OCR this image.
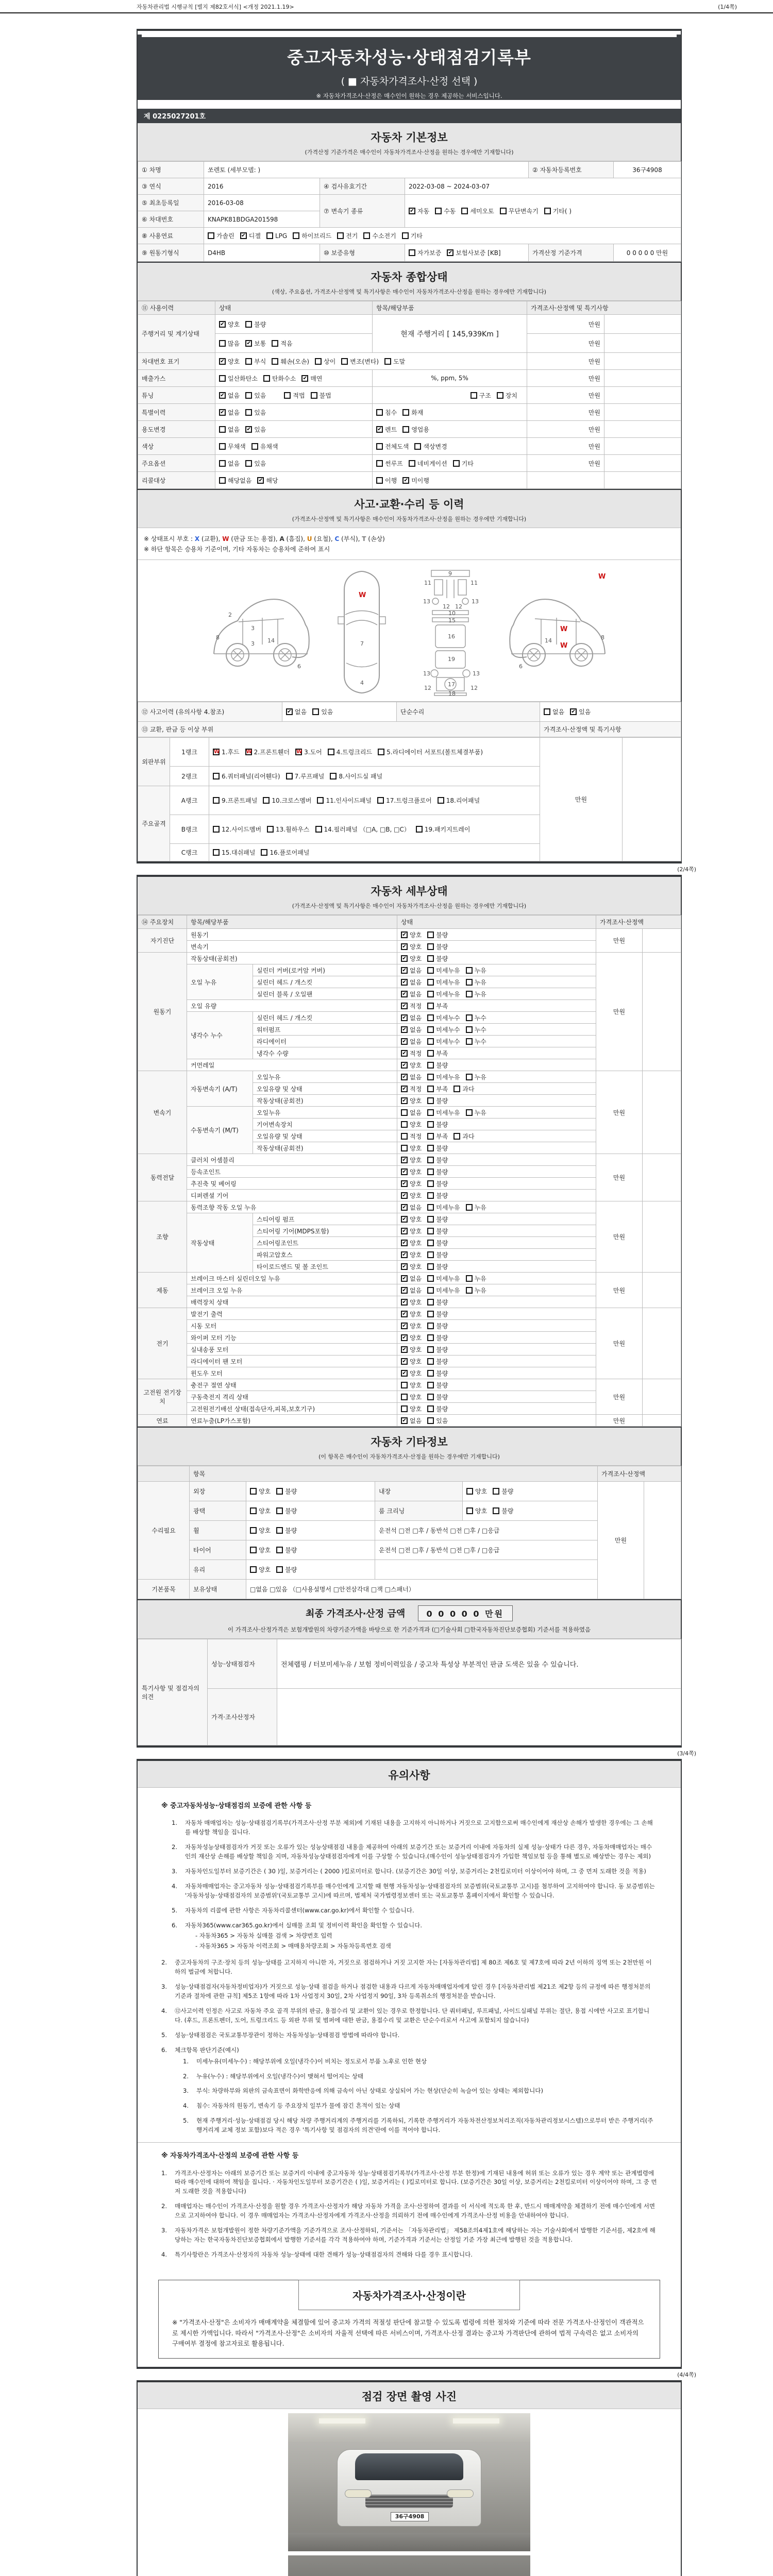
자동차관리법 시행규칙 [별지 제82호서식] <개정 2021.1.19>	(1/4쪽)
중고자동차성능·상태점검기록부
( ■ 자동차가격조사·산정 선택 )
※ 자동차가격조사·산정은 매수인이 원하는 경우 제공하는 서비스입니다.
제 0225027201호
자동차 기본정보
(가격산정 기준가격은 매수인이 자동차가격조사·산정을 원하는 경우에만 기재합니다)
① 차명	쏘렌토 (세부모델: )			② 자동차등록번호	36구4908
③ 연식	2016	④ 검사유효기간	2022-03-08 ~ 2024-03-07		
⑤ 최초등록일	2016-03-08	⑦ 변속기 종류	✔ 자동 수동 세미오토 무단변속기 기타( )

⑥ 차대번호	KNAPK81BDGA201598				
⑧ 사용연료	가솔린 ✔ 디젤 LPG 하이브리드 전기 수소전기 기타

⑨ 원동기형식	D4HB	⑩ 보증유형	자가보증 ✔ 보험사보증 [KB]	가격산정 기준가격	0 0 0 0 0 만원
자동차 종합상태
(색상, 주요옵션, 가격조사·산정액 및 특기사항은 매수인이 자동차가격조사·산정을 원하는 경우에만 기재합니다)
⑪ 사용이력	상태	항목/해당부품	가격조사·산정액 및 특기사항	
주행거리 및 계기상태	✔ 양호 불량	현재 주행거리 [ 145,939Km ]	만원	

	많음 ✔ 보통 적음		만원	
차대번호 표기	✔ 양호 부식 훼손(오손) 상이 변조(변타) 도말	만원	
배출가스	일산화탄소 탄화수소 ✔ 매연	%, ppm, 5%	만원	
튜닝	✔ 없음 있음 적법 불법	구조 장치	만원	
특별이력	✔ 없음 있음	침수 화재	만원	
용도변경	없음 ✔ 있음	✔ 렌트 영업용	만원	
색상	무채색 유채색	전체도색 색상변경	만원	
주요옵션	없음 있음	썬루프 네비게이션 기타	만원	
리콜대상	해당없음 ✔ 해당	이행 ✔ 미이행		

사고·교환·수리 등 이력
(가격조사·산정액 및 특기사항은 매수인이 자동차가격조사·산정을 원하는 경우에만 기재합니다)
※ 상태표시 부호 : X (교환), W (판금 또는 용접), A (흠집), U (요철), C (부식), T (손상)
※ 하단 항목은 승용차 기준이며, 기타 자동차는 승용차에 준하여 표시
2
8
3
14
3
6
W
7
4
9
11	11
13	13
12 12
10
15
16
19
13	13
17
12	12
18
W
W
W
8
14
6
⑫ 사고이력 (유의사항 4.참조)	✔ 없음 있음	단순수리	없음 ✔ 있음

⑬ 교환, 판금 등 이상 부위			가격조사·산정액 및 특기사항
외판부위	1랭크	W 1.후드 W 2.프론트휀더 W 3.도어 4.트렁크리드 5.라디에이터 서포트(볼트체결부품)
	만원	
	2랭크	6.쿼터패널(리어휀다) 7.루프패널 8.사이드실 패널		

주요골격	A랭크	9.프론트패널 10.크로스멤버 11.인사이드패널 17.트렁크플로어 18.리어패널		

	B랭크	12.사이드멤버 13.휠하우스 14.필러패널 （□A, □B, □C） 19.패키지트레이		

	C랭크	15.대쉬패널 16.플로어패널		
(2/4쪽)
자동차 세부상태
(가격조사·산정액 및 특기사항은 매수인이 자동차가격조사·산정을 원하는 경우에만 기재합니다)
⑭ 주요장치	항목/해당부품		상태	가격조사·산정액	
자기진단	원동기		✔ 양호 불량	만원	
	변속기		✔ 양호 불량		

원동기	작동상태(공회전)		✔ 양호 불량	만원	
	오일 누유	실린더 커버(로커암 커버)	✔ 없음 미세누유 누유		

		실린더 헤드 / 개스킷	✔ 없음 미세누유 누유		

		실린더 블록 / 오일팬	✔ 없음 미세누유 누유		

	오일 유량		✔ 적정 부족		

	냉각수 누수	실린더 헤드 / 개스킷	✔ 없음 미세누수 누수		

		워터펌프	✔ 없음 미세누수 누수		

		라디에이터	✔ 없음 미세누수 누수		

		냉각수 수량	✔ 적정 부족		

	커먼레일		✔ 양호 불량		

변속기	자동변속기 (A/T)	오일누유	✔ 없음 미세누유 누유	만원	
		오일유량 및 상태	✔ 적정 부족 과다		

		작동상태(공회전)	✔ 양호 불량		

	수동변속기 (M/T)	오일누유	없음 미세누유 누유		

		기어변속장치	양호 불량		

		오일유량 및 상태	적정 부족 과다		

		작동상태(공회전)	양호 불량		

동력전달	클러치 어셈블리		✔ 양호 불량	만원	
	등속조인트		✔ 양호 불량		

	추진축 및 베어링		✔ 양호 불량		

	디퍼렌셜 기어		✔ 양호 불량		

조향	동력조향 작동 오일 누유		✔ 없음 미세누유 누유	만원	
	작동상태	스티어링 펌프	✔ 양호 불량		

		스티어링 기어(MDPS포함)	✔ 양호 불량		

		스티어링조인트	✔ 양호 불량		

		파워고압호스	✔ 양호 불량		

		타이로드엔드 및 볼 조인트	✔ 양호 불량		

제동	브레이크 마스터 실린더오일 누유		✔ 없음 미세누유 누유	만원	
	브레이크 오일 누유		✔ 없음 미세누유 누유		

	배력장치 상태		✔ 양호 불량		

전기	발전기 출력		✔ 양호 불량	만원	
	시동 모터		✔ 양호 불량		

	와이퍼 모터 기능		✔ 양호 불량		

	실내송풍 모터		✔ 양호 불량		

	라디에이터 팬 모터		✔ 양호 불량		

	윈도우 모터		✔ 양호 불량		

고전원 전기장치	충전구 절연 상태		양호 불량	만원	
	구동축전지 격리 상태		양호 불량		

	고전원전기배선 상태(접속단자,피복,보호기구)		양호 불량		

연료	연료누출(LP가스포함)		✔ 없음 있음	만원	
자동차 기타정보
(이 항목은 매수인이 자동차가격조사·산정을 원하는 경우에만 기재합니다)
	항목				가격조사·산정액	
수리필요	외장	양호 불량	내장	양호 불량	만원	
	광택	양호 불량	룸 크리닝	양호 불량		

	휠	양호 불량	운전석 □전 □후 / 동반석 □전 □후 / □응급			
	타이어	양호 불량	운전석 □전 □후 / 동반석 □전 □후 / □응급			
	유리	양호 불량				

기본품목	보유상태	□없음 □있음 （□사용설명서 □안전삼각대 □잭 □스패너）				
최종 가격조사·산정 금액	0 0 0 0 0 만원
이 가격조사·산정가격은 보험개발원의 차량기준가액을 바탕으로 한 기준가격과 (□기술사회 □한국자동차진단보증협회) 기준서를 적용하였음
특기사항 및 점검자의 의견	성능·상태점검자	전체랩핑 / 터보미세누유 / 보험 정비이력있음 / 중고차 특성상 부분적인 판금 도색은 있을 수 있습니다.
	가격·조사산정자	
(3/4쪽)
유의사항
※ 중고자동차성능·상태점검의 보증에 관한 사항 등
1.	자동차 매매업자는 성능·상태점검기록부(가격조사·산정 부분 제외)에 기재된 내용을 고지하지 아니하거나 거짓으로 고지함으로써 매수인에게 재산상 손해가 발생한 경우에는 그 손해를 배상할 책임을 집니다.
2.	자동차성능상태점검자가 거짓 또는 오류가 있는 성능상태점검 내용을 제공하여 아래의 보증기간 또는 보증거리 이내에 자동차의 실제 성능·상태가 다른 경우, 자동차매매업자는 매수인의 재산상 손해를 배상할 책임을 지며, 자동차성능상태점검자에게 이를 구상할 수 있습니다.(매수인이 성능상태점검자가 가입한 책임보험 등을 통해 별도로 배상받는 경우는 제외)
3.	자동차인도일부터 보증기간은 ( 30 )일, 보증거리는 ( 2000 )킬로미터로 합니다. (보증기간은 30일 이상, 보증거리는 2천킬로미터 이상이어야 하며, 그 중 먼저 도래한 것을 적용)
4.	자동차매매업자는 중고자동차 성능·상태점검기록부를 매수인에게 고지할 때 현행 자동차성능·상태점검자의 보증범위(국토교통부 고시)를 첨부하여 고지하여야 합니다. 동 보증범위는 '자동차성능·상태점검자의 보증범위'(국토교통부 고시)에 따르며, 법제처 국가법령정보센터 또는 국토교통부 홈페이지에서 확인할 수 있습니다.
5.	자동차의 리콜에 관한 사항은 자동차리콜센터(www.car.go.kr)에서 확인할 수 있습니다.
6.	자동차365(www.car365.go.kr)에서 실매물 조회 및 정비이력 확인을 확인할 수 있습니다.
- 자동차365 > 자동차 실매물 검색 > 차량번호 입력
- 자동차365 > 자동차 이력조회 > 매매용차량조회 > 자동차등록번호 검색
2.	중고자동차의 구조·장치 등의 성능·상태를 고지하지 아니한 자, 거짓으로 점검하거나 거짓 고지한 자는 [자동차관리법] 제 80조 제6호 및 제7호에 따라 2년 이하의 징역 또는 2천만원 이하의 벌금에 처합니다.
3.	성능·상태점검자(자동차정비업자)가 거짓으로 성능·상태 점검을 하거나 점검한 내용과 다르게 자동차매매업자에게 알린 경우 [자동차관리법 제21조 제2항 등의 규정에 따른 행정처분의 기준과 절차에 관한 규칙] 제5조 1항에 따라 1차 사업정지 30일, 2차 사업정지 90일, 3차 등록취소의 행정처분을 받습니다.
4.	⑫사고이력 인정은 사고로 자동차 주요 골격 부위의 판금, 용접수리 및 교환이 있는 경우로 한정합니다. 단 쿼터패널, 루프패널, 사이드실패널 부위는 절단, 용접 시에만 사고로 표기합니다. (후드, 프론트펜더, 도어, 트렁크리드 등 외판 부위 및 범퍼에 대한 판금, 용접수리 및 교환은 단순수리로서 사고에 포함되지 않습니다)
5.	성능·상태점검은 국토교통부장관이 정하는 자동차성능·상태점검 방법에 따라야 합니다.
6.	체크항목 판단기준(예시)
1.	미세누유(미세누수) : 해당부위에 오일(냉각수)이 비치는 정도로서 부품 노후로 인한 현상
2.	누유(누수) : 해당부위에서 오일(냉각수)이 맺혀서 떨어지는 상태
3.	부식: 차량하부와 외판의 금속표면이 화학반응에 의해 금속이 아닌 상태로 상실되어 가는 현상(단순히 녹슬어 있는 상태는 제외합니다)
4.	침수: 자동차의 원동기, 변속기 등 주요장치 일부가 물에 잠긴 흔적이 있는 상태
5.	현재 주행거리·성능·상태점검 당시 해당 차량 주행거리계의 주행거리를 기록하되, 기록한 주행거리가 자동차전산정보처리조직(자동차관리정보시스템)으로부터 받은 주행거리(주행거리계 교체 정보 포함)보다 적은 경우 '특기사항 및 점검자의 의견'란에 이를 적어야 합니다.
※ 자동차가격조사·산정의 보증에 관한 사항 등
1.	가격조사·산정자는 아래의 보증기간 또는 보증거리 이내에 중고자동차 성능·상태점검기록부(가격조사·산정 부분 한정)에 기재된 내용에 허위 또는 오류가 있는 경우 계약 또는 관계법령에 따라 매수인에 대하여 책임을 집니다. · 자동차인도일부터 보증기간은 ( )일, 보증거리는 ( )킬로미터로 합니다. (보증기간은 30일 이상, 보증거리는 2천킬로미터 이상이어야 하며, 그 중 먼저 도래한 것을 적용합니다)
2.	매매업자는 매수인이 가격조사·산정을 원할 경우 가격조사·산정자가 해당 자동차 가격을 조사·산정하여 결과를 이 서식에 적도록 한 후, 반드시 매매계약을 체결하기 전에 매수인에게 서면으로 고지하여야 합니다. 이 경우 매매업자는 가격조사·산정자에게 가격조사·산정을 의뢰하기 전에 매수인에게 가격조사·산정 비용을 안내하여야 합니다.
3.	자동차가격은 보험개발원이 정한 차량기준가액을 기준가격으로 조사·산정하되, 기준서는 「자동차관리법」 제58조의4제1호에 해당하는 자는 기술사회에서 발행한 기준서를, 제2호에 해당하는 자는 한국자동차진단보증협회에서 발행한 기준서를 각각 적용하여야 하며, 기준가격과 기준서는 산정일 기준 가장 최근에 발행된 것을 적용합니다.
4.	특기사항란은 가격조사·산정자의 자동차 성능·상태에 대한 견해가 성능·상태점검자의 견해와 다를 경우 표시합니다.
자동차가격조사·산정이란
※ "가격조사·산정"은 소비자가 매매계약을 체결함에 있어 중고차 가격의 적절성 판단에 참고할 수 있도록 법령에 의한 절차와 기준에 따라 전문 가격조사·산정인이 객관적으로 제시한 가액입니다. 따라서 "가격조사·산정"은 소비자의 자율적 선택에 따른 서비스이며, 가격조사·산정 결과는 중고차 가격판단에 관하여 법적 구속력은 없고 소비자의 구매여부 결정에 참고자료로 활용됩니다.
(4/4쪽)
점검 장면 촬영 사진
36구4908
